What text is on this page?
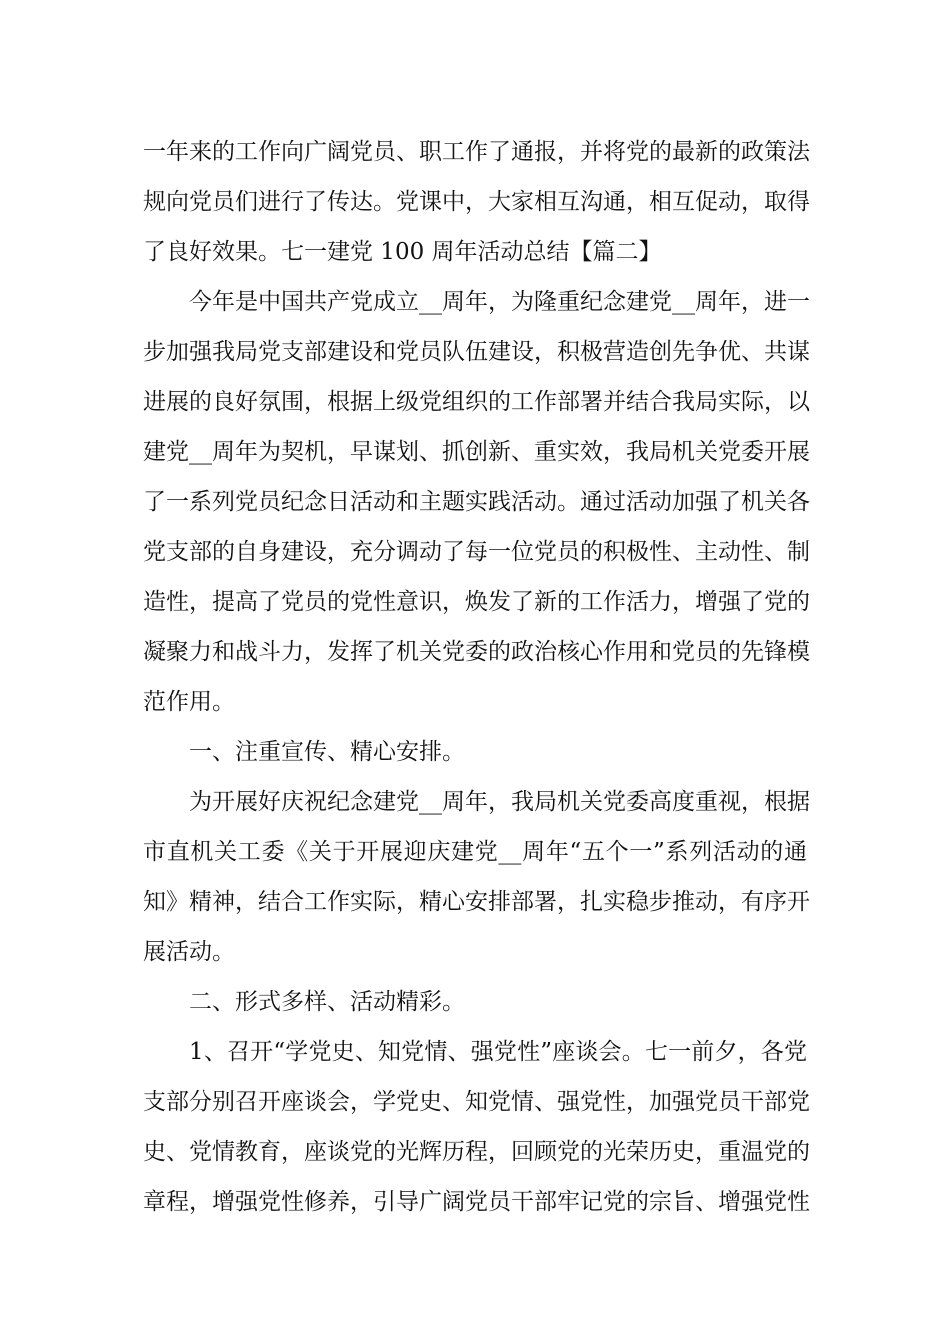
一年来的工作向广阔党员、职工作了通报，并将党的最新的政策法
规向党员们进行了传达。党课中，大家相互沟通，相互促动，取得
了良好效果。七一建党 100 周年活动总结【篇二】
今年是中国共产党成立__周年，为隆重纪念建党__周年，进一
步加强我局党支部建设和党员队伍建设，积极营造创先争优、共谋
进展的良好氛围，根据上级党组织的工作部署并结合我局实际，以
建党__周年为契机，早谋划、抓创新、重实效，我局机关党委开展
了一系列党员纪念日活动和主题实践活动。通过活动加强了机关各
党支部的自身建设，充分调动了每一位党员的积极性、主动性、制
造性，提高了党员的党性意识，焕发了新的工作活力，增强了党的
凝聚力和战斗力，发挥了机关党委的政治核心作用和党员的先锋模
范作用。
一、注重宣传、精心安排。
为开展好庆祝纪念建党__周年，我局机关党委高度重视，根据
市直机关工委《关于开展迎庆建党__周年“五个一”系列活动的通
知》精神，结合工作实际，精心安排部署，扎实稳步推动，有序开
展活动。
二、形式多样、活动精彩。
1、召开“学党史、知党情、强党性”座谈会。七一前夕，各党
支部分别召开座谈会，学党史、知党情、强党性，加强党员干部党
史、党情教育，座谈党的光辉历程，回顾党的光荣历史，重温党的
章程，增强党性修养，引导广阔党员干部牢记党的宗旨、增强党性
